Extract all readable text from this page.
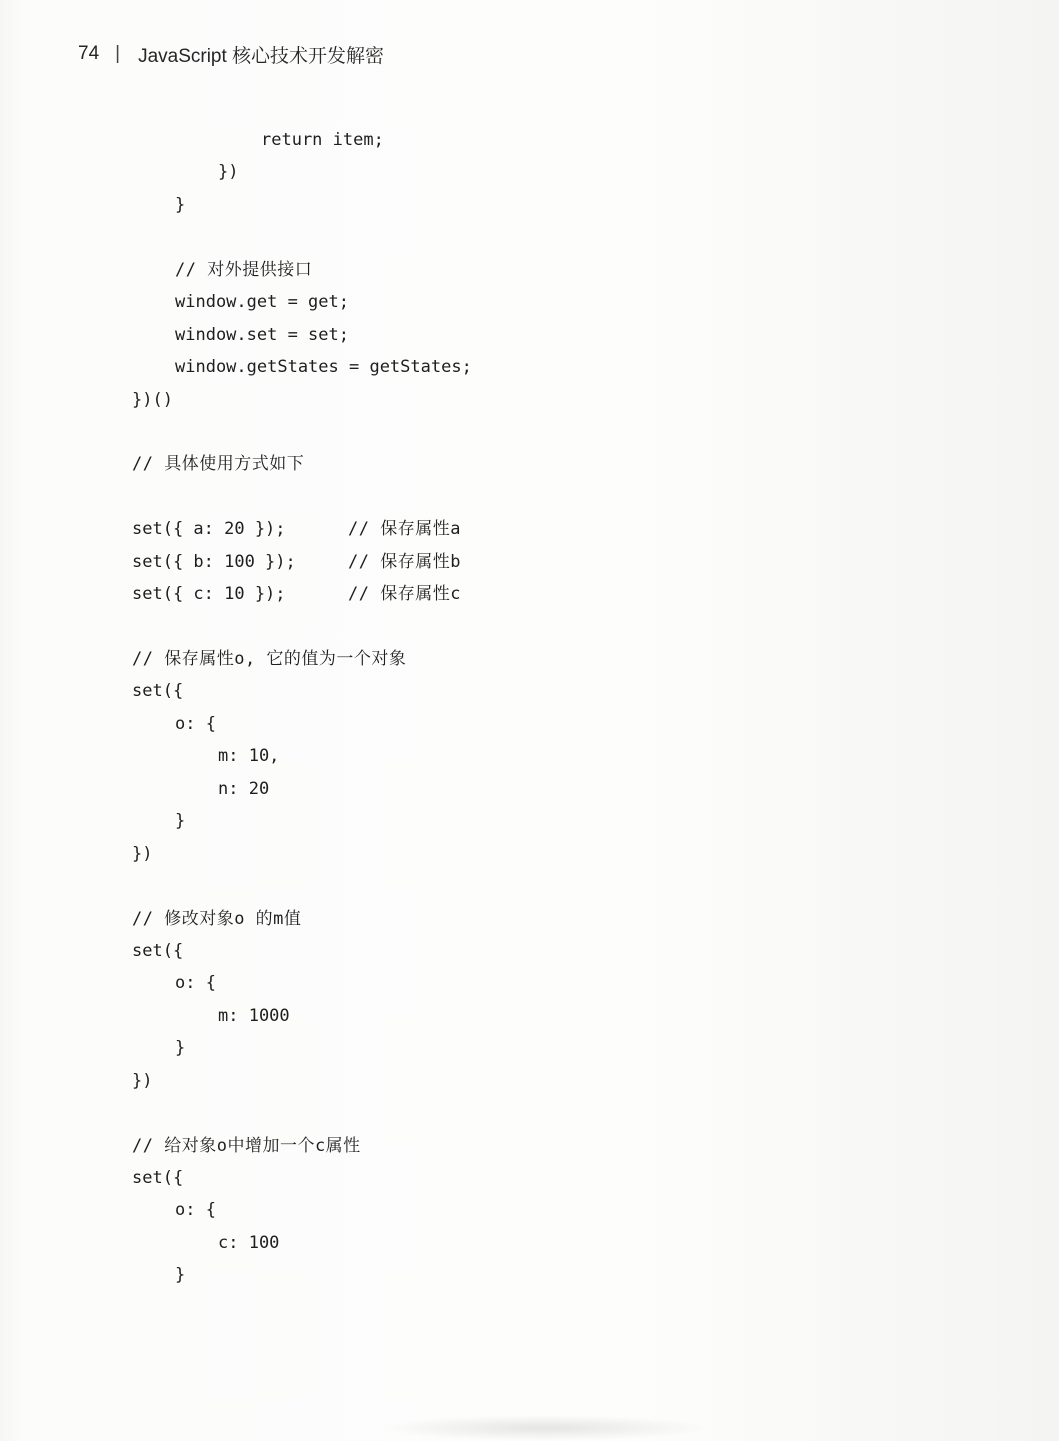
74 | JavaScript 核心技术开发解密
return item;
})
}
// 对外提供接口
window.get = get;
window.set = set;
window.getStates = getStates;
})()
// 具体使用方式如下
set({ a: 20 });	// 保存属性a
set({ b: 100 });	// 保存属性b
set({ c: 10 });	// 保存属性c
// 保存属性o, 它的值为一个对象
set({
o: {
m: 10,
n: 20
}
})
// 修改对象o 的m值
set({
o: {
m: 1000
}
})
// 给对象o中增加一个c属性
set({
o: {
c: 100
}
